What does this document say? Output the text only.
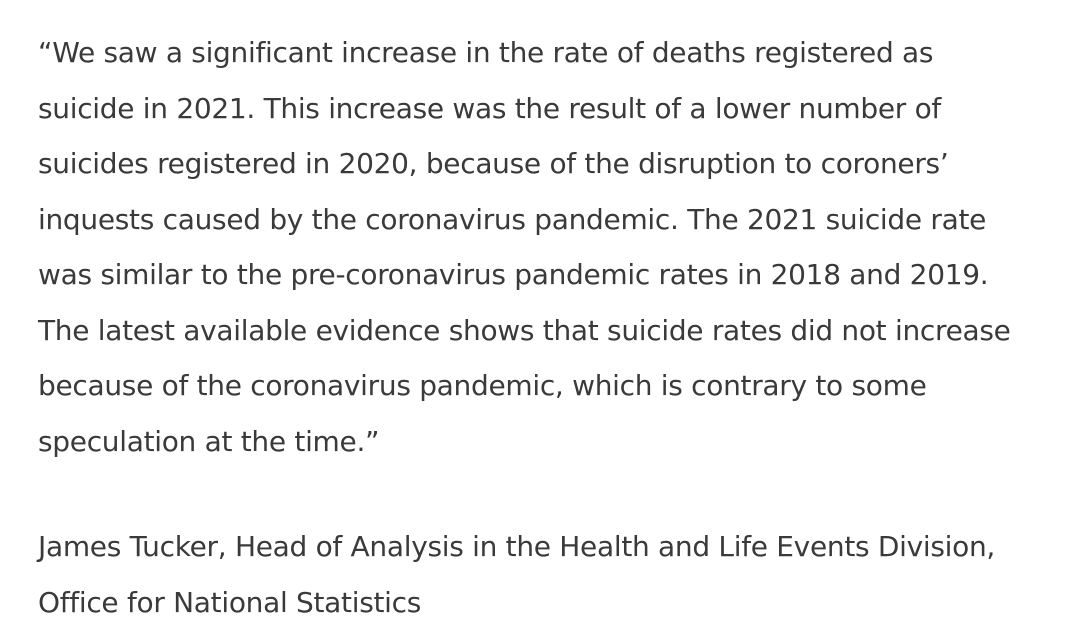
“We saw a significant increase in the rate of deaths registered as
suicide in 2021. This increase was the result of a lower number of
suicides registered in 2020, because of the disruption to coroners’
inquests caused by the coronavirus pandemic. The 2021 suicide rate
was similar to the pre-coronavirus pandemic rates in 2018 and 2019.
The latest available evidence shows that suicide rates did not increase
because of the coronavirus pandemic, which is contrary to some
speculation at the time.”

James Tucker, Head of Analysis in the Health and Life Events Division,
Office for National Statistics
